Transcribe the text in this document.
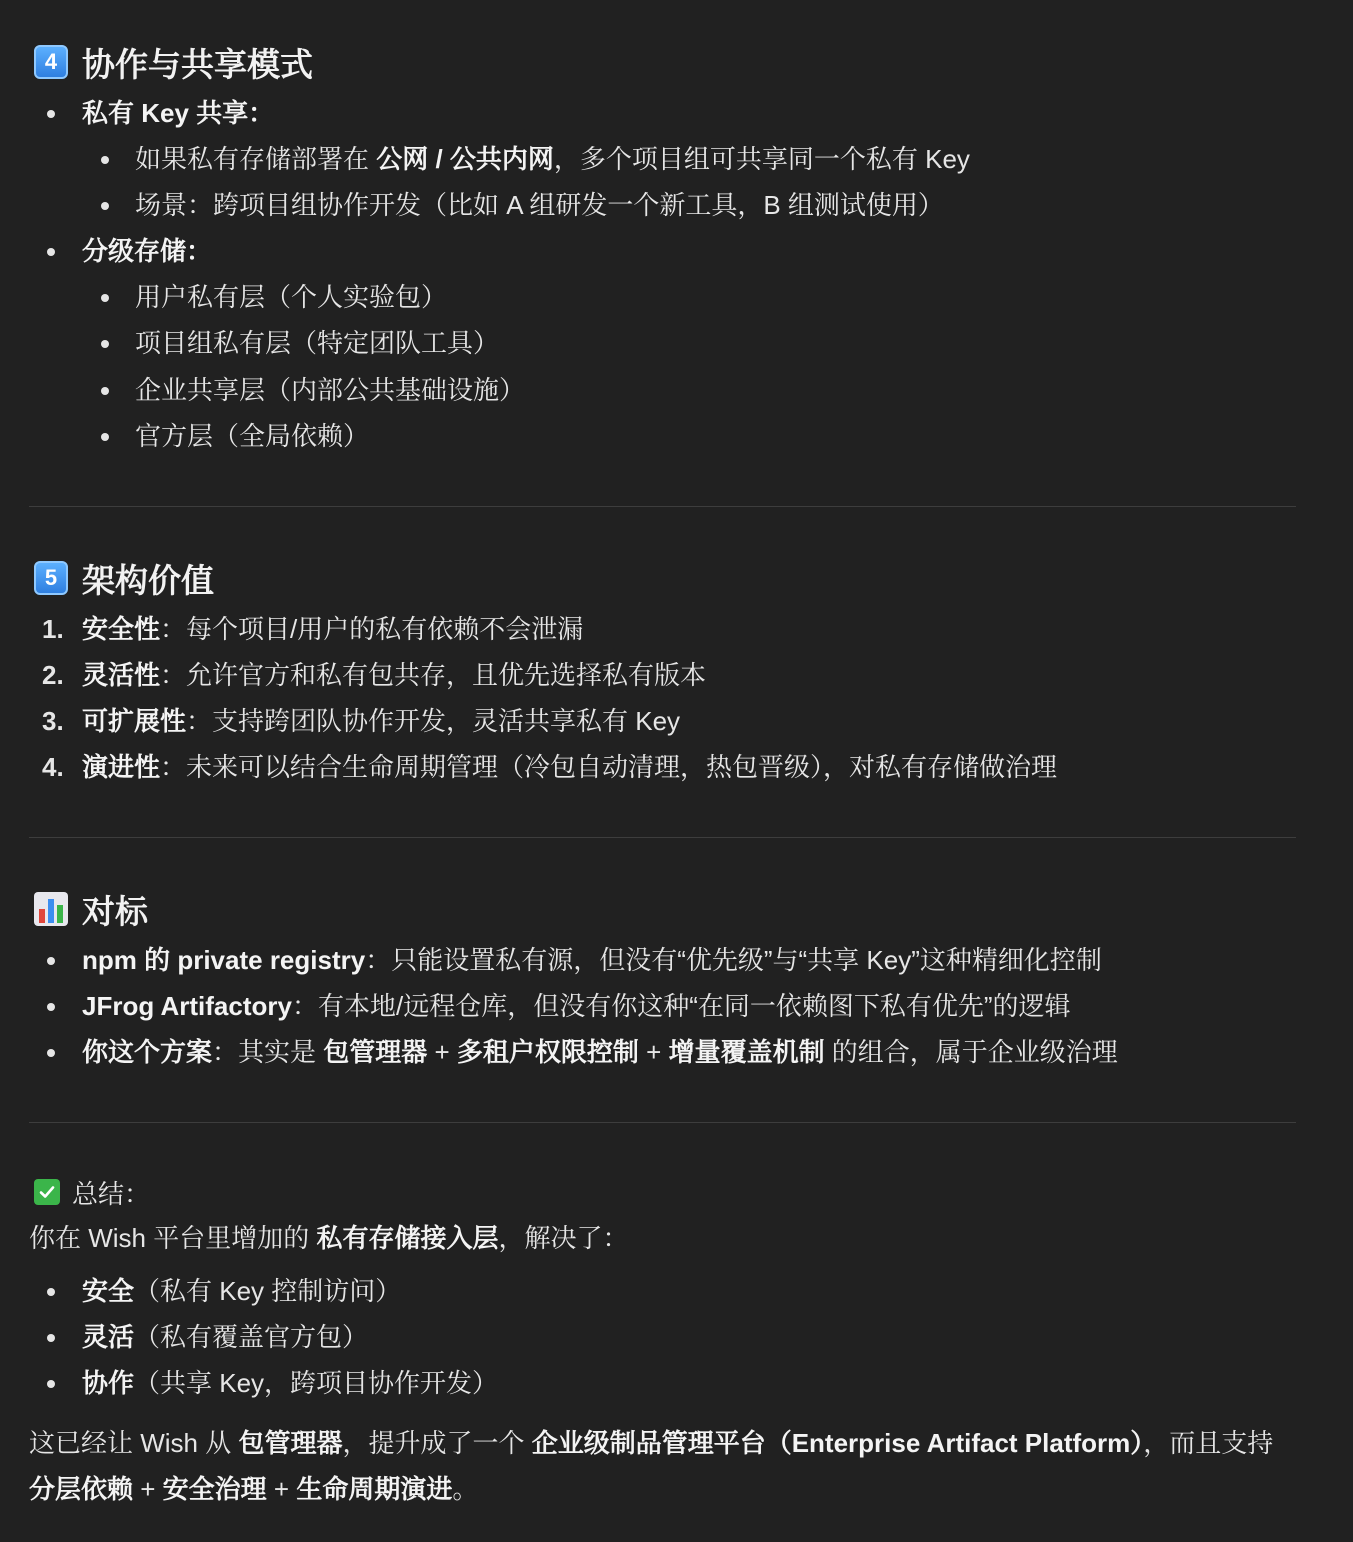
4 协作与共享模式
私有 Key 共享：
如果私有存储部署在 公网 / 公共内网，多个项目组可共享同一个私有 Key
场景：跨项目组协作开发（比如 A 组研发一个新工具，B 组测试使用）
分级存储：
用户私有层（个人实验包）
项目组私有层（特定团队工具）
企业共享层（内部公共基础设施）
官方层（全局依赖）
5 架构价值
1. 安全性：每个项目/用户的私有依赖不会泄漏
2. 灵活性：允许官方和私有包共存，且优先选择私有版本
3. 可扩展性：支持跨团队协作开发，灵活共享私有 Key
4. 演进性：未来可以结合生命周期管理（冷包自动清理，热包晋级），对私有存储做治理
对标
npm 的 private registry：只能设置私有源，但没有“优先级”与“共享 Key”这种精细化控制
JFrog Artifactory：有本地/远程仓库，但没有你这种“在同一依赖图下私有优先”的逻辑
你这个方案：其实是 包管理器 + 多租户权限控制 + 增量覆盖机制 的组合，属于企业级治理
总结：
你在 Wish 平台里增加的 私有存储接入层，解决了：
安全（私有 Key 控制访问）
灵活（私有覆盖官方包）
协作（共享 Key，跨项目协作开发）
这已经让 Wish 从 包管理器，提升成了一个 企业级制品管理平台（Enterprise Artifact Platform），而且支持
分层依赖 + 安全治理 + 生命周期演进。
